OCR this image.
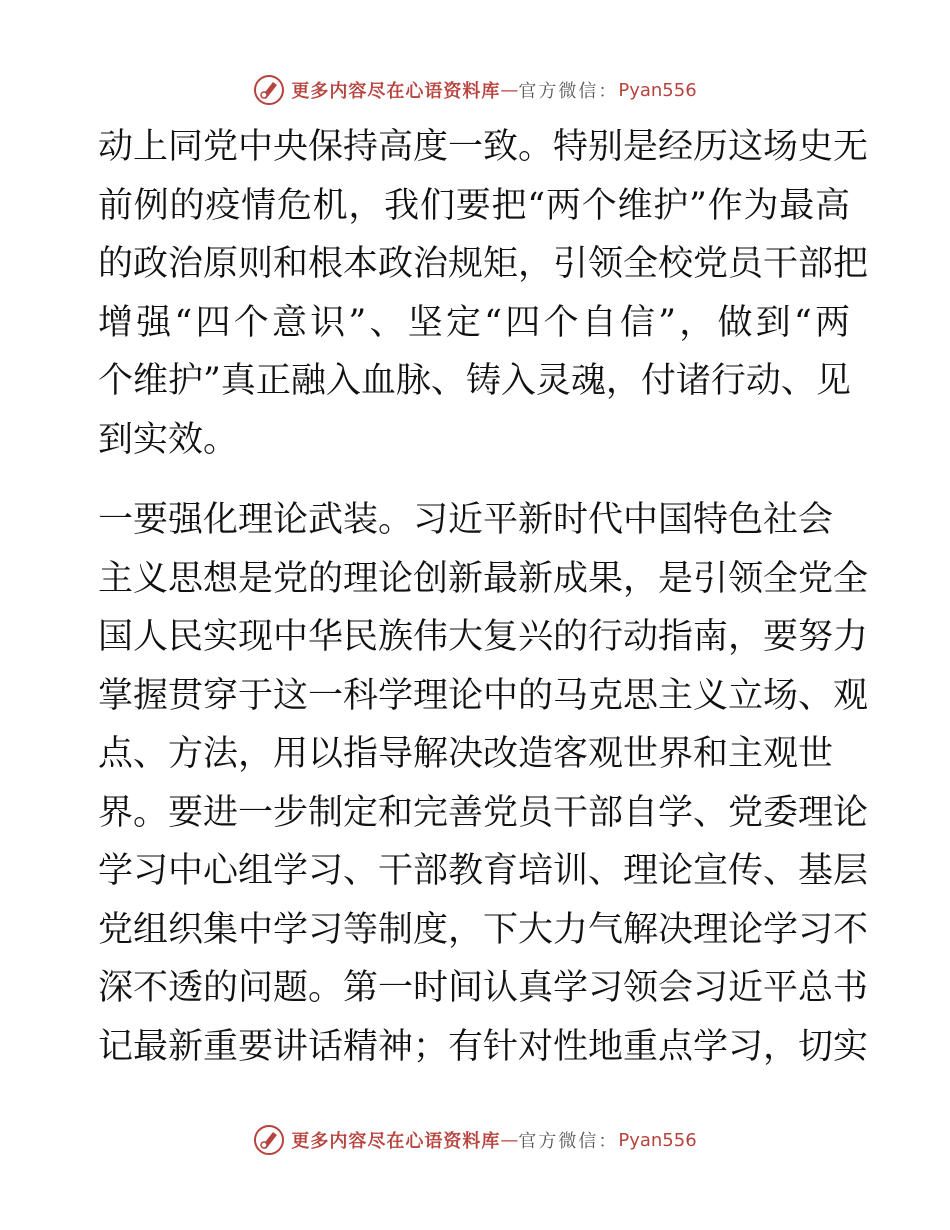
更多内容尽在心语资料库 — 官方微信： Pyan556
动上同党中央保持高度一致。特别是经历这场史无
前例的疫情危机，我们要把“两个维护”作为最高
的政治原则和根本政治规矩，引领全校党员干部把
增强“四个意识”、坚定“四个自信”，做到“两
个维护”真正融入血脉、铸入灵魂，付诸行动、见
到实效。
一要强化理论武装。习近平新时代中国特色社会
主义思想是党的理论创新最新成果，是引领全党全
国人民实现中华民族伟大复兴的行动指南，要努力
掌握贯穿于这一科学理论中的马克思主义立场、观
点、方法，用以指导解决改造客观世界和主观世
界。要进一步制定和完善党员干部自学、党委理论
学习中心组学习、干部教育培训、理论宣传、基层
党组织集中学习等制度，下大力气解决理论学习不
深不透的问题。第一时间认真学习领会习近平总书
记最新重要讲话精神；有针对性地重点学习，切实
更多内容尽在心语资料库 — 官方微信： Pyan556
